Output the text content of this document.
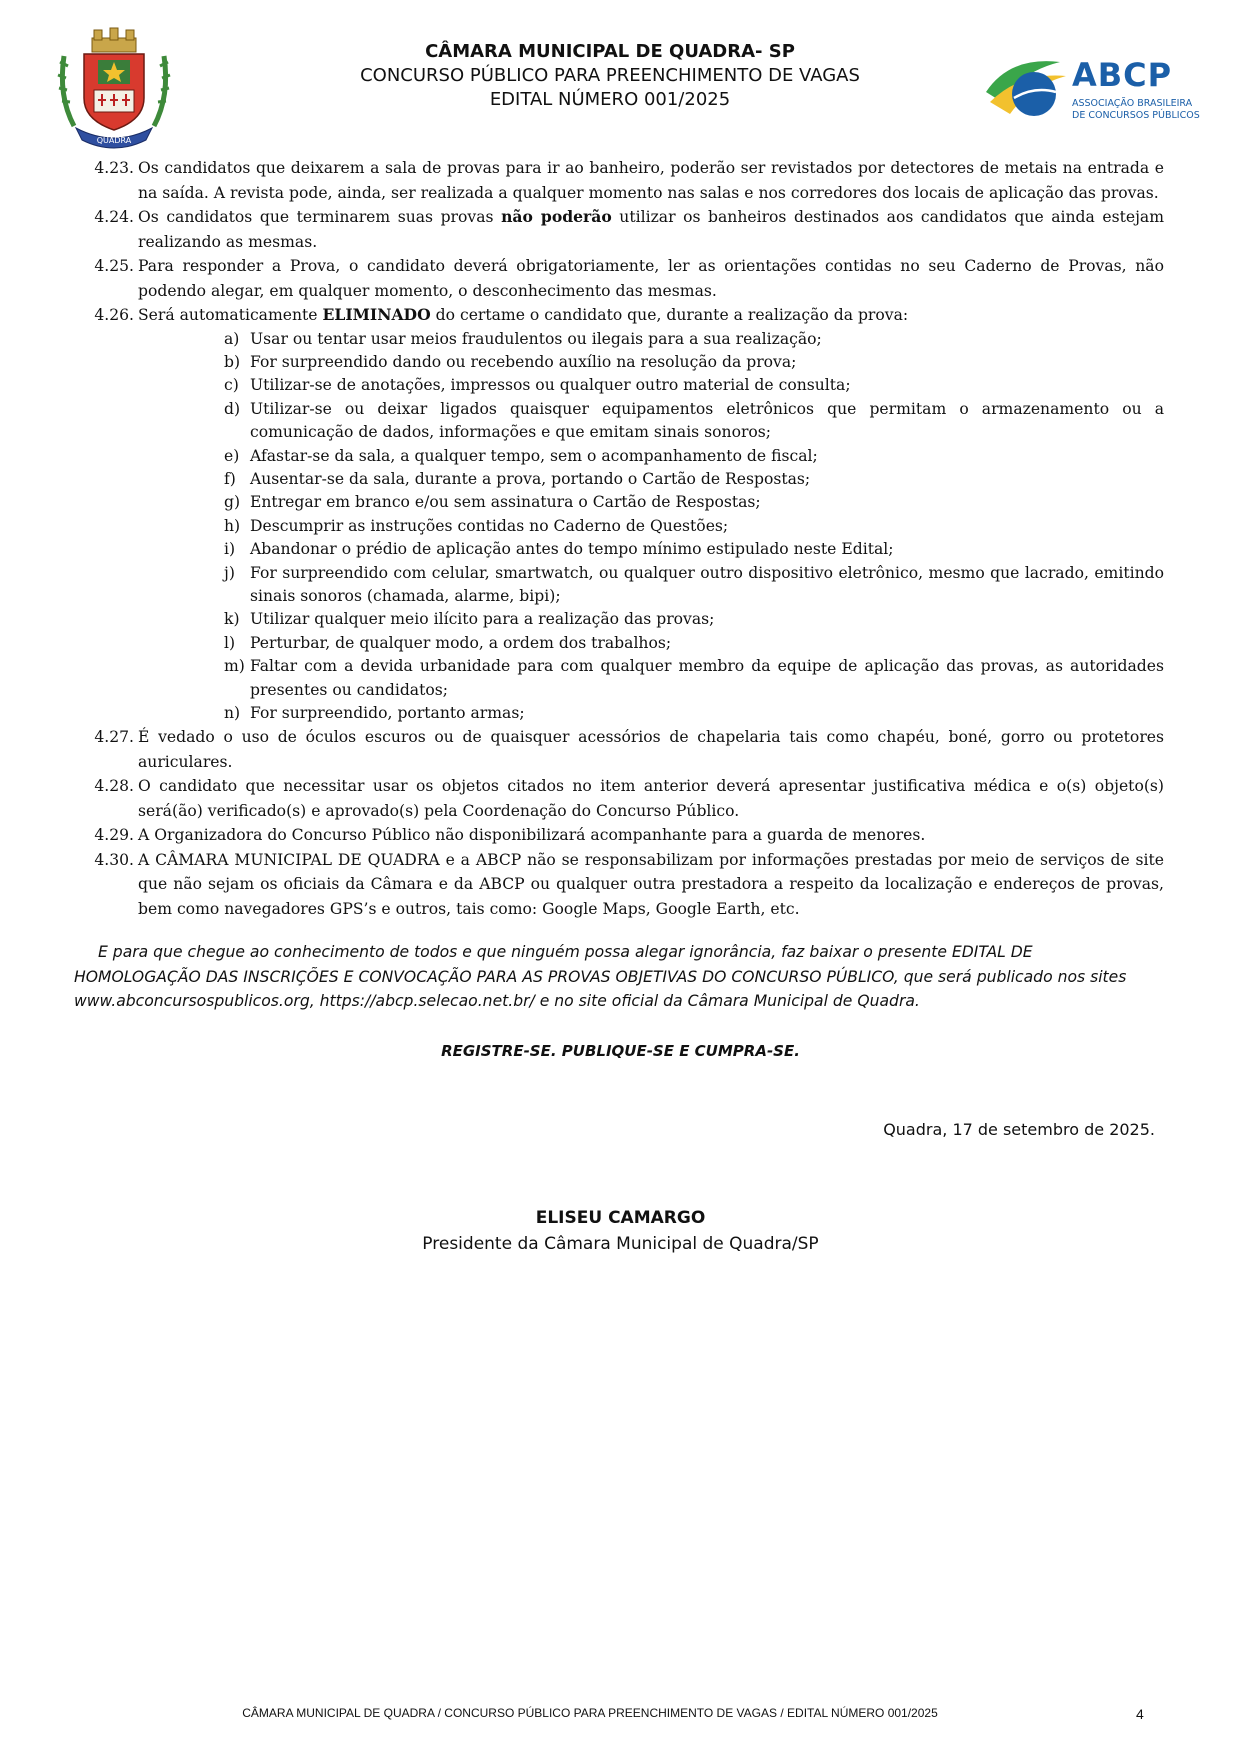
QUADRA
CÂMARA MUNICIPAL DE QUADRA- SP
CONCURSO PÚBLICO PARA PREENCHIMENTO DE VAGAS
EDITAL NÚMERO 001/2025
ABCP
ASSOCIAÇÃO BRASILEIRA
DE CONCURSOS PÚBLICOS
4.23. Os candidatos que deixarem a sala de provas para ir ao banheiro, poderão ser revistados por detectores de metais na entrada e na saída. A revista pode, ainda, ser realizada a qualquer momento nas salas e nos corredores dos locais de aplicação das provas.
4.24. Os candidatos que terminarem suas provas não poderão utilizar os banheiros destinados aos candidatos que ainda estejam realizando as mesmas.
4.25. Para responder a Prova, o candidato deverá obrigatoriamente, ler as orientações contidas no seu Caderno de Provas, não podendo alegar, em qualquer momento, o desconhecimento das mesmas.
4.26. Será automaticamente ELIMINADO do certame o candidato que, durante a realização da prova:
a) Usar ou tentar usar meios fraudulentos ou ilegais para a sua realização;
b) For surpreendido dando ou recebendo auxílio na resolução da prova;
c) Utilizar-se de anotações, impressos ou qualquer outro material de consulta;
d) Utilizar-se ou deixar ligados quaisquer equipamentos eletrônicos que permitam o armazenamento ou a comunicação de dados, informações e que emitam sinais sonoros;
e) Afastar-se da sala, a qualquer tempo, sem o acompanhamento de fiscal;
f) Ausentar-se da sala, durante a prova, portando o Cartão de Respostas;
g) Entregar em branco e/ou sem assinatura o Cartão de Respostas;
h) Descumprir as instruções contidas no Caderno de Questões;
i) Abandonar o prédio de aplicação antes do tempo mínimo estipulado neste Edital;
j) For surpreendido com celular, smartwatch, ou qualquer outro dispositivo eletrônico, mesmo que lacrado, emitindo sinais sonoros (chamada, alarme, bipi);
k) Utilizar qualquer meio ilícito para a realização das provas;
l) Perturbar, de qualquer modo, a ordem dos trabalhos;
m) Faltar com a devida urbanidade para com qualquer membro da equipe de aplicação das provas, as autoridades presentes ou candidatos;
n) For surpreendido, portanto armas;
4.27. É vedado o uso de óculos escuros ou de quaisquer acessórios de chapelaria tais como chapéu, boné, gorro ou protetores auriculares.
4.28. O candidato que necessitar usar os objetos citados no item anterior deverá apresentar justificativa médica e o(s) objeto(s) será(ão) verificado(s) e aprovado(s) pela Coordenação do Concurso Público.
4.29. A Organizadora do Concurso Público não disponibilizará acompanhante para a guarda de menores.
4.30. A CÂMARA MUNICIPAL DE QUADRA e a ABCP não se responsabilizam por informações prestadas por meio de serviços de site que não sejam os oficiais da Câmara e da ABCP ou qualquer outra prestadora a respeito da localização e endereços de provas, bem como navegadores GPS’s e outros, tais como: Google Maps, Google Earth, etc.

E para que chegue ao conhecimento de todos e que ninguém possa alegar ignorância, faz baixar o presente EDITAL DE HOMOLOGAÇÃO DAS INSCRIÇÕES E CONVOCAÇÃO PARA AS PROVAS OBJETIVAS DO CONCURSO PÚBLICO, que será publicado nos sites www.abconcursospublicos.org, https://abcp.selecao.net.br/ e no site oficial da Câmara Municipal de Quadra.

REGISTRE-SE. PUBLIQUE-SE E CUMPRA-SE.
Quadra, 17 de setembro de 2025.
ELISEU CAMARGO
Presidente da Câmara Municipal de Quadra/SP
CÂMARA MUNICIPAL DE QUADRA / CONCURSO PÚBLICO PARA PREENCHIMENTO DE VAGAS / EDITAL NÚMERO 001/2025	4
